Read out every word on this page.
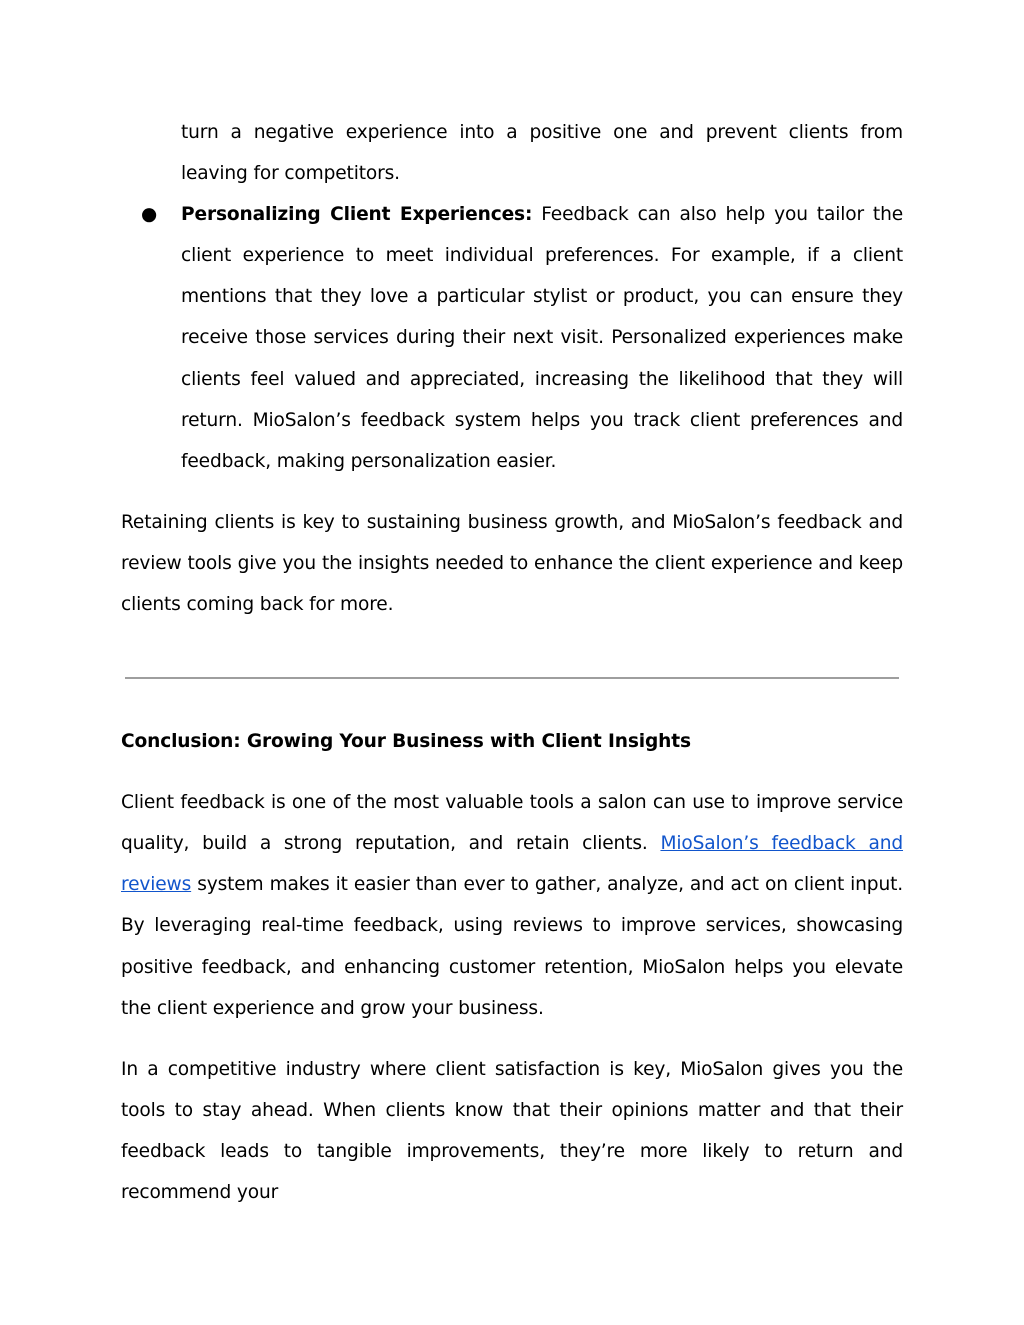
turn a negative experience into a positive one and prevent clients from leaving for competitors.

● Personalizing Client Experiences: Feedback can also help you tailor the client experience to meet individual preferences. For example, if a client mentions that they love a particular stylist or product, you can ensure they receive those services during their next visit. Personalized experiences make clients feel valued and appreciated, increasing the likelihood that they will return. MioSalon’s feedback system helps you track client preferences and feedback, making personalization easier.

Retaining clients is key to sustaining business growth, and MioSalon’s feedback and review tools give you the insights needed to enhance the client experience and keep clients coming back for more.

Conclusion: Growing Your Business with Client Insights

Client feedback is one of the most valuable tools a salon can use to improve service quality, build a strong reputation, and retain clients. MioSalon’s feedback and reviews system makes it easier than ever to gather, analyze, and act on client input. By leveraging real-time feedback, using reviews to improve services, showcasing positive feedback, and enhancing customer retention, MioSalon helps you elevate the client experience and grow your business.

In a competitive industry where client satisfaction is key, MioSalon gives you the tools to stay ahead. When clients know that their opinions matter and that their feedback leads to tangible improvements, they’re more likely to return and recommend your
